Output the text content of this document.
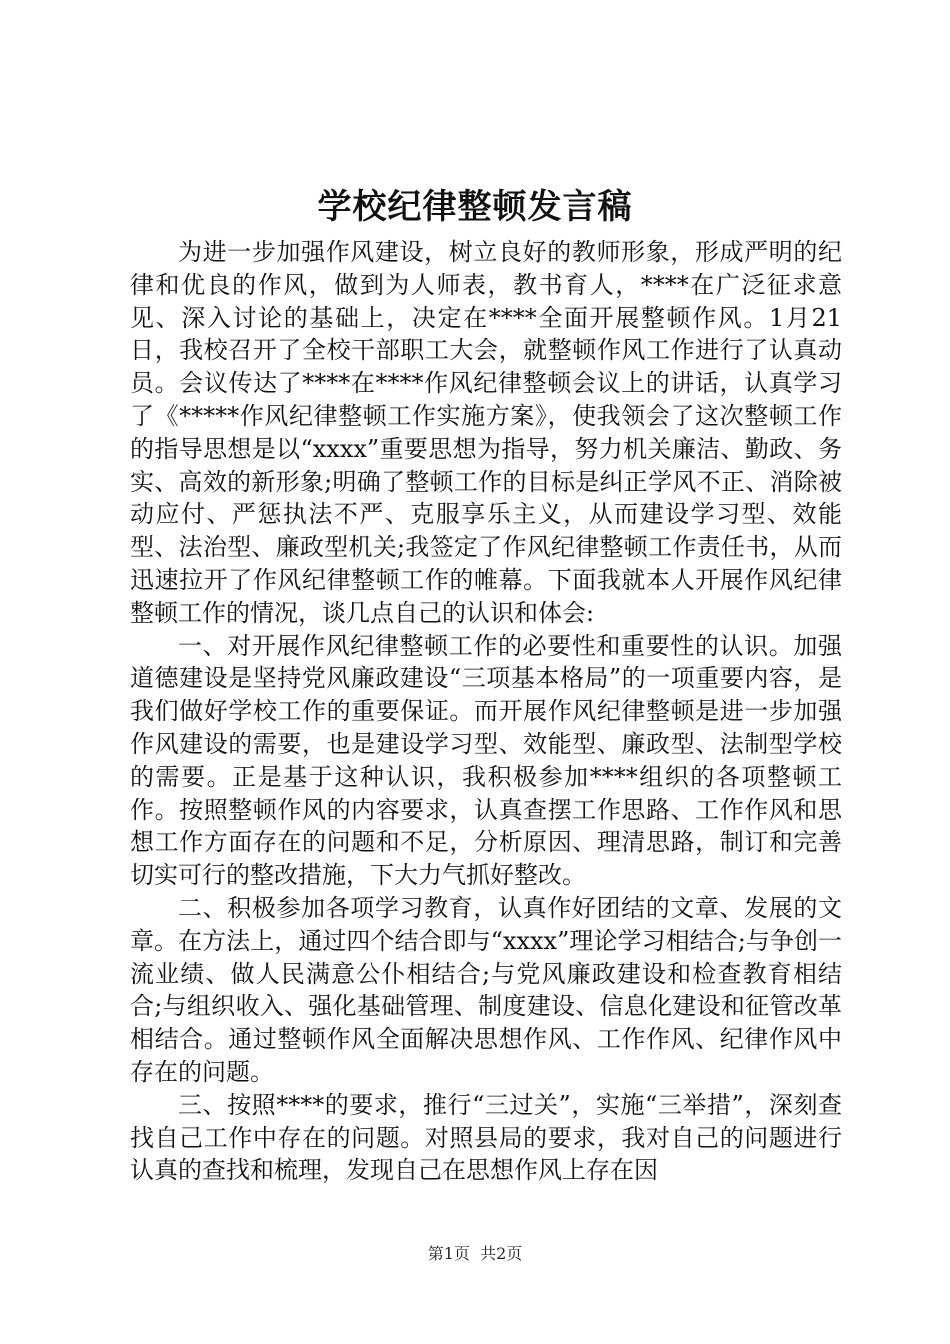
学校纪律整顿发言稿

为进一步加强作风建设，树立良好的教师形象，形成严明的纪律和优良的作风，做到为人师表，教书育人，****在广泛征求意见、深入讨论的基础上，决定在****全面开展整顿作风。1月21日，我校召开了全校干部职工大会，就整顿作风工作进行了认真动员。会议传达了****在****作风纪律整顿会议上的讲话，认真学习了《*****作风纪律整顿工作实施方案》，使我领会了这次整顿工作的指导思想是以“xxxx”重要思想为指导，努力机关廉洁、勤政、务实、高效的新形象;明确了整顿工作的目标是纠正学风不正、消除被动应付、严惩执法不严、克服享乐主义，从而建设学习型、效能型、法治型、廉政型机关;我签定了作风纪律整顿工作责任书，从而迅速拉开了作风纪律整顿工作的帷幕。下面我就本人开展作风纪律整顿工作的情况，谈几点自己的认识和体会:

一、对开展作风纪律整顿工作的必要性和重要性的认识。加强道德建设是坚持党风廉政建设“三项基本格局”的一项重要内容，是我们做好学校工作的重要保证。而开展作风纪律整顿是进一步加强作风建设的需要，也是建设学习型、效能型、廉政型、法制型学校的需要。正是基于这种认识，我积极参加****组织的各项整顿工作。按照整顿作风的内容要求，认真查摆工作思路、工作作风和思想工作方面存在的问题和不足，分析原因、理清思路，制订和完善切实可行的整改措施，下大力气抓好整改。

二、积极参加各项学习教育，认真作好团结的文章、发展的文章。在方法上，通过四个结合即与“xxxx”理论学习相结合;与争创一流业绩、做人民满意公仆相结合;与党风廉政建设和检查教育相结合;与组织收入、强化基础管理、制度建设、信息化建设和征管改革相结合。通过整顿作风全面解决思想作风、工作作风、纪律作风中存在的问题。

三、按照****的要求，推行“三过关”，实施“三举措”，深刻查找自己工作中存在的问题。对照县局的要求，我对自己的问题进行认真的查找和梳理，发现自己在思想作风上存在因

第1页 共2页
